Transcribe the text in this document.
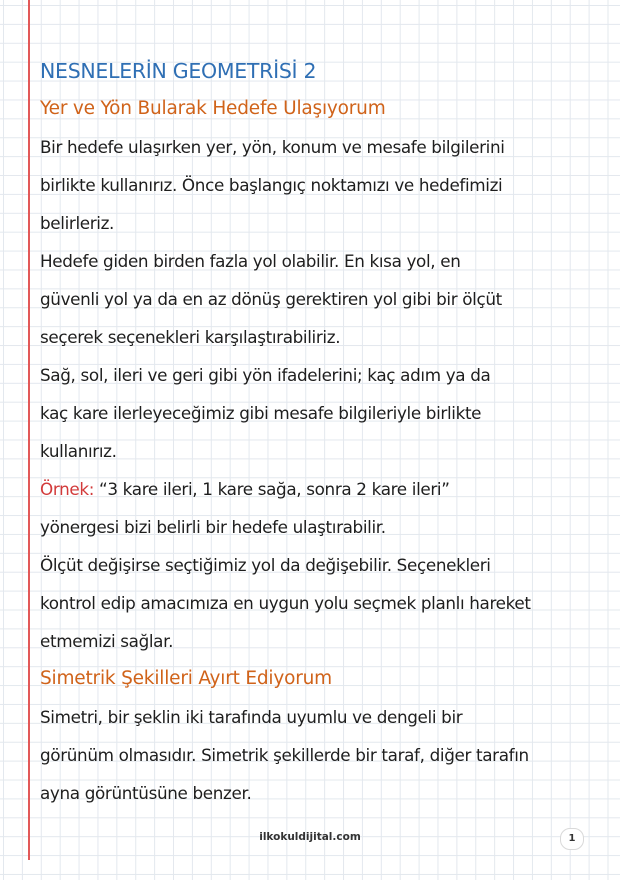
NESNELERİN GEOMETRİSİ 2
Yer ve Yön Bularak Hedefe Ulaşıyorum

Bir hedefe ulaşırken yer, yön, konum ve mesafe bilgilerini

birlikte kullanırız. Önce başlangıç noktamızı ve hedefimizi

belirleriz.

Hedefe giden birden fazla yol olabilir. En kısa yol, en

güvenli yol ya da en az dönüş gerektiren yol gibi bir ölçüt

seçerek seçenekleri karşılaştırabiliriz.

Sağ, sol, ileri ve geri gibi yön ifadelerini; kaç adım ya da

kaç kare ilerleyeceğimiz gibi mesafe bilgileriyle birlikte

kullanırız.

Örnek: “3 kare ileri, 1 kare sağa, sonra 2 kare ileri”

yönergesi bizi belirli bir hedefe ulaştırabilir.

Ölçüt değişirse seçtiğimiz yol da değişebilir. Seçenekleri

kontrol edip amacımıza en uygun yolu seçmek planlı hareket

etmemizi sağlar.

Simetrik Şekilleri Ayırt Ediyorum

Simetri, bir şeklin iki tarafında uyumlu ve dengeli bir

görünüm olmasıdır. Simetrik şekillerde bir taraf, diğer tarafın

ayna görüntüsüne benzer.

ilkokuldijital.com	1
